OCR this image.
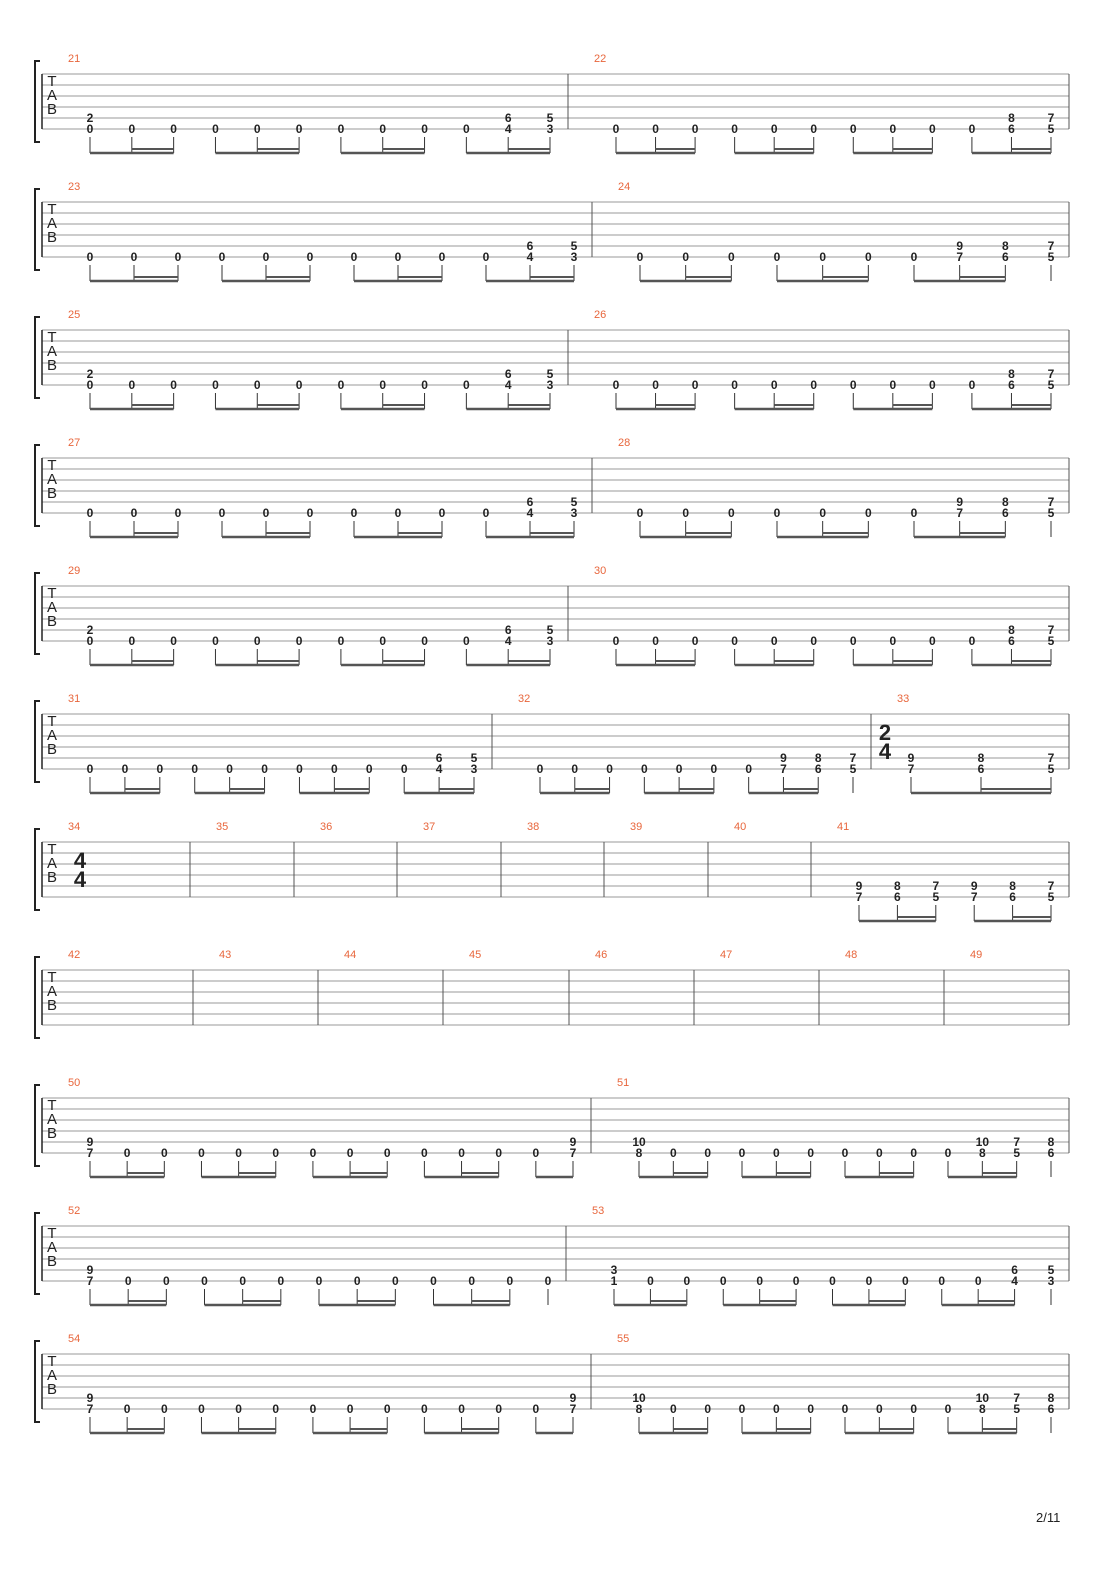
T
A
B
21
0
2
0	0	0	0	0	0	0	0	0	4
6
3
5
22
0	0	0	0	0	0	0	0	0	0	6
8
5
7
T
A
B
23
0	0	0	0	0	0	0	0	0	0	4
6
3
5
24
0	0	0	0	0	0	0	7
9
6
8
5
7
T
A
B
25
0
2
0	0	0	0	0	0	0	0	0	4
6
3
5
26
0	0	0	0	0	0	0	0	0	0	6
8
5
7
T
A
B
27
0	0	0	0	0	0	0	0	0	0	4
6
3
5
28
0	0	0	0	0	0	0	7
9
6
8
5
7
T
A
B
29
0
2
0	0	0	0	0	0	0	0	0	4
6
3
5
30
0	0	0	0	0	0	0	0	0	0	6
8
5
7
T
A
B
31
0 0 0 0 0 0 0 0 0 0 4
6
3
5
32
0 0 0 0 0 0 0 7
9
6
8
5
7
33
2
4
7
9
6
8
5
7
T
A
B
34
4
4
35	36	37	38	39	40	41
7
9
6
8
5
7
7
9
6
8
5
7
T
A
B
42	43	44	45	46	47	48	49
T
A
B
50
7
9
0	0	0	0	0	0	0	0	0	0	0	0	7
9
51
8
10
0 0 0 0 0 0 0 0 0 8
10
5
7
6
8
T
A
B
52
7
9
0	0	0	0	0	0	0	0	0	0	0	0
53
1
3
0 0 0 0 0 0 0 0 0 0 4
6
3
5
T
A
B
54
7
9
0	0	0	0	0	0	0	0	0	0	0	0	7
9
55
8
10
0 0 0 0 0 0 0 0 0 8
10
5
7
6
8
2/11
